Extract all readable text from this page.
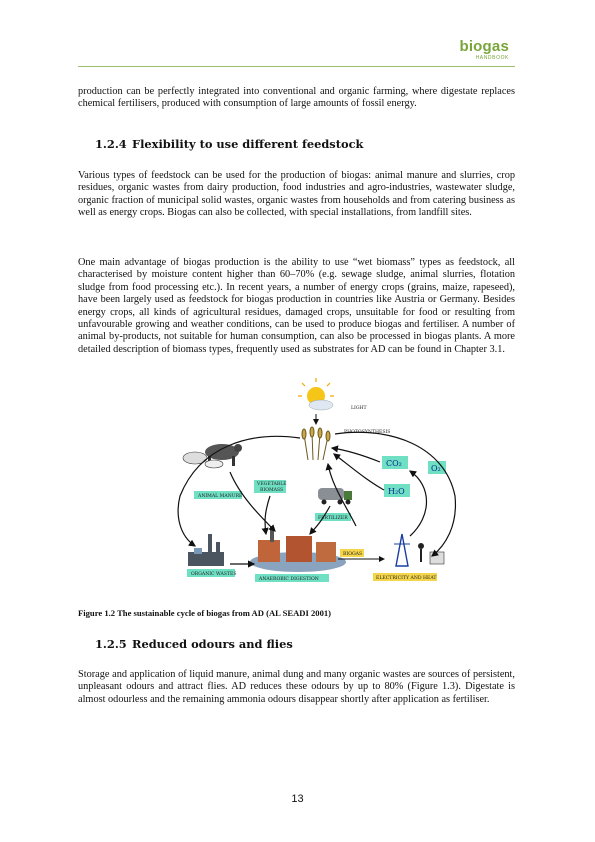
biogas
HANDBOOK

production can be perfectly integrated into conventional and organic farming, where digestate replaces chemical fertilisers, produced with consumption of large amounts of fossil energy.

1.2.4 Flexibility to use different feedstock

Various types of feedstock can be used for the production of biogas: animal manure and slurries, crop residues, organic wastes from dairy production, food industries and agro-industries, wastewater sludge, organic fraction of municipal solid wastes, organic wastes from households and from catering business as well as energy crops. Biogas can also be collected, with special installations, from landfill sites.

One main advantage of biogas production is the ability to use “wet biomass” types as feedstock, all characterised by moisture content higher than 60–70% (e.g. sewage sludge, animal slurries, flotation sludge from food processing etc.). In recent years, a number of energy crops (grains, maize, rapeseed), have been largely used as feedstock for biogas production in countries like Austria or Germany. Besides energy crops, all kinds of agricultural residues, damaged crops, unsuitable for food or resulting from unfavourable growing and weather conditions, can be used to produce biogas and fertiliser. A number of animal by-products, not suitable for human consumption, can also be processed in biogas plants. A more detailed description of biomass types, frequently used as substrates for AD can be found in Chapter 3.1.

LIGHT
PHOTOSYNTHESIS
CO₂
O₂
H₂O
VEGETABLE
BIOMASS
ANIMAL MANURE
FERTILIZER
ORGANIC WASTES
ANAEROBIC DIGESTION
BIOGAS
ELECTRICITY AND HEAT

Figure 1.2 The sustainable cycle of biogas from AD (AL SEADI 2001)

1.2.5 Reduced odours and flies

Storage and application of liquid manure, animal dung and many organic wastes are sources of persistent, unpleasant odours and attract flies. AD reduces these odours by up to 80% (Figure 1.3). Digestate is almost odourless and the remaining ammonia odours disappear shortly after application as fertiliser.

13
